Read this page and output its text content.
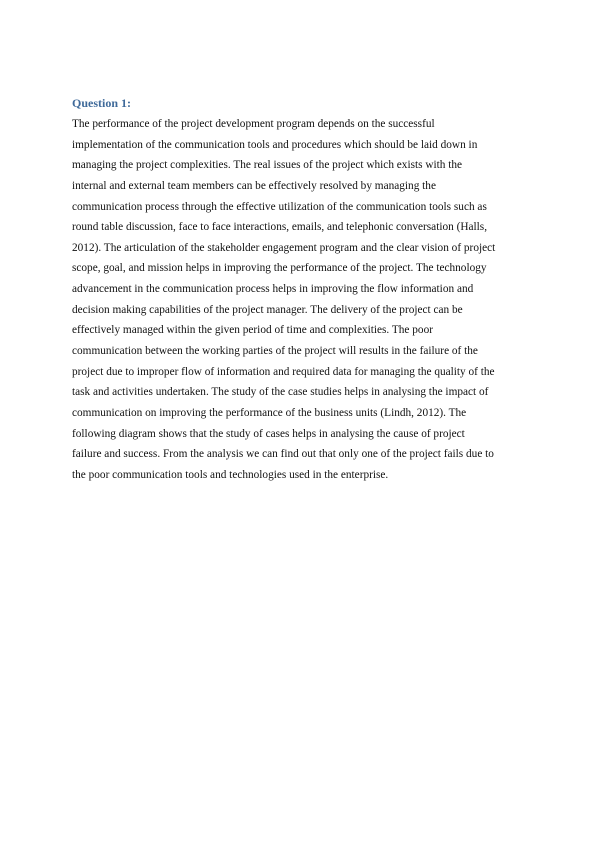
Question 1:
The performance of the project development program depends on the successful
implementation of the communication tools and procedures which should be laid down in
managing the project complexities. The real issues of the project which exists with the
internal and external team members can be effectively resolved by managing the
communication process through the effective utilization of the communication tools such as
round table discussion, face to face interactions, emails, and telephonic conversation (Halls,
2012). The articulation of the stakeholder engagement program and the clear vision of project
scope, goal, and mission helps in improving the performance of the project. The technology
advancement in the communication process helps in improving the flow information and
decision making capabilities of the project manager. The delivery of the project can be
effectively managed within the given period of time and complexities. The poor
communication between the working parties of the project will results in the failure of the
project due to improper flow of information and required data for managing the quality of the
task and activities undertaken. The study of the case studies helps in analysing the impact of
communication on improving the performance of the business units (Lindh, 2012). The
following diagram shows that the study of cases helps in analysing the cause of project
failure and success. From the analysis we can find out that only one of the project fails due to
the poor communication tools and technologies used in the enterprise.
